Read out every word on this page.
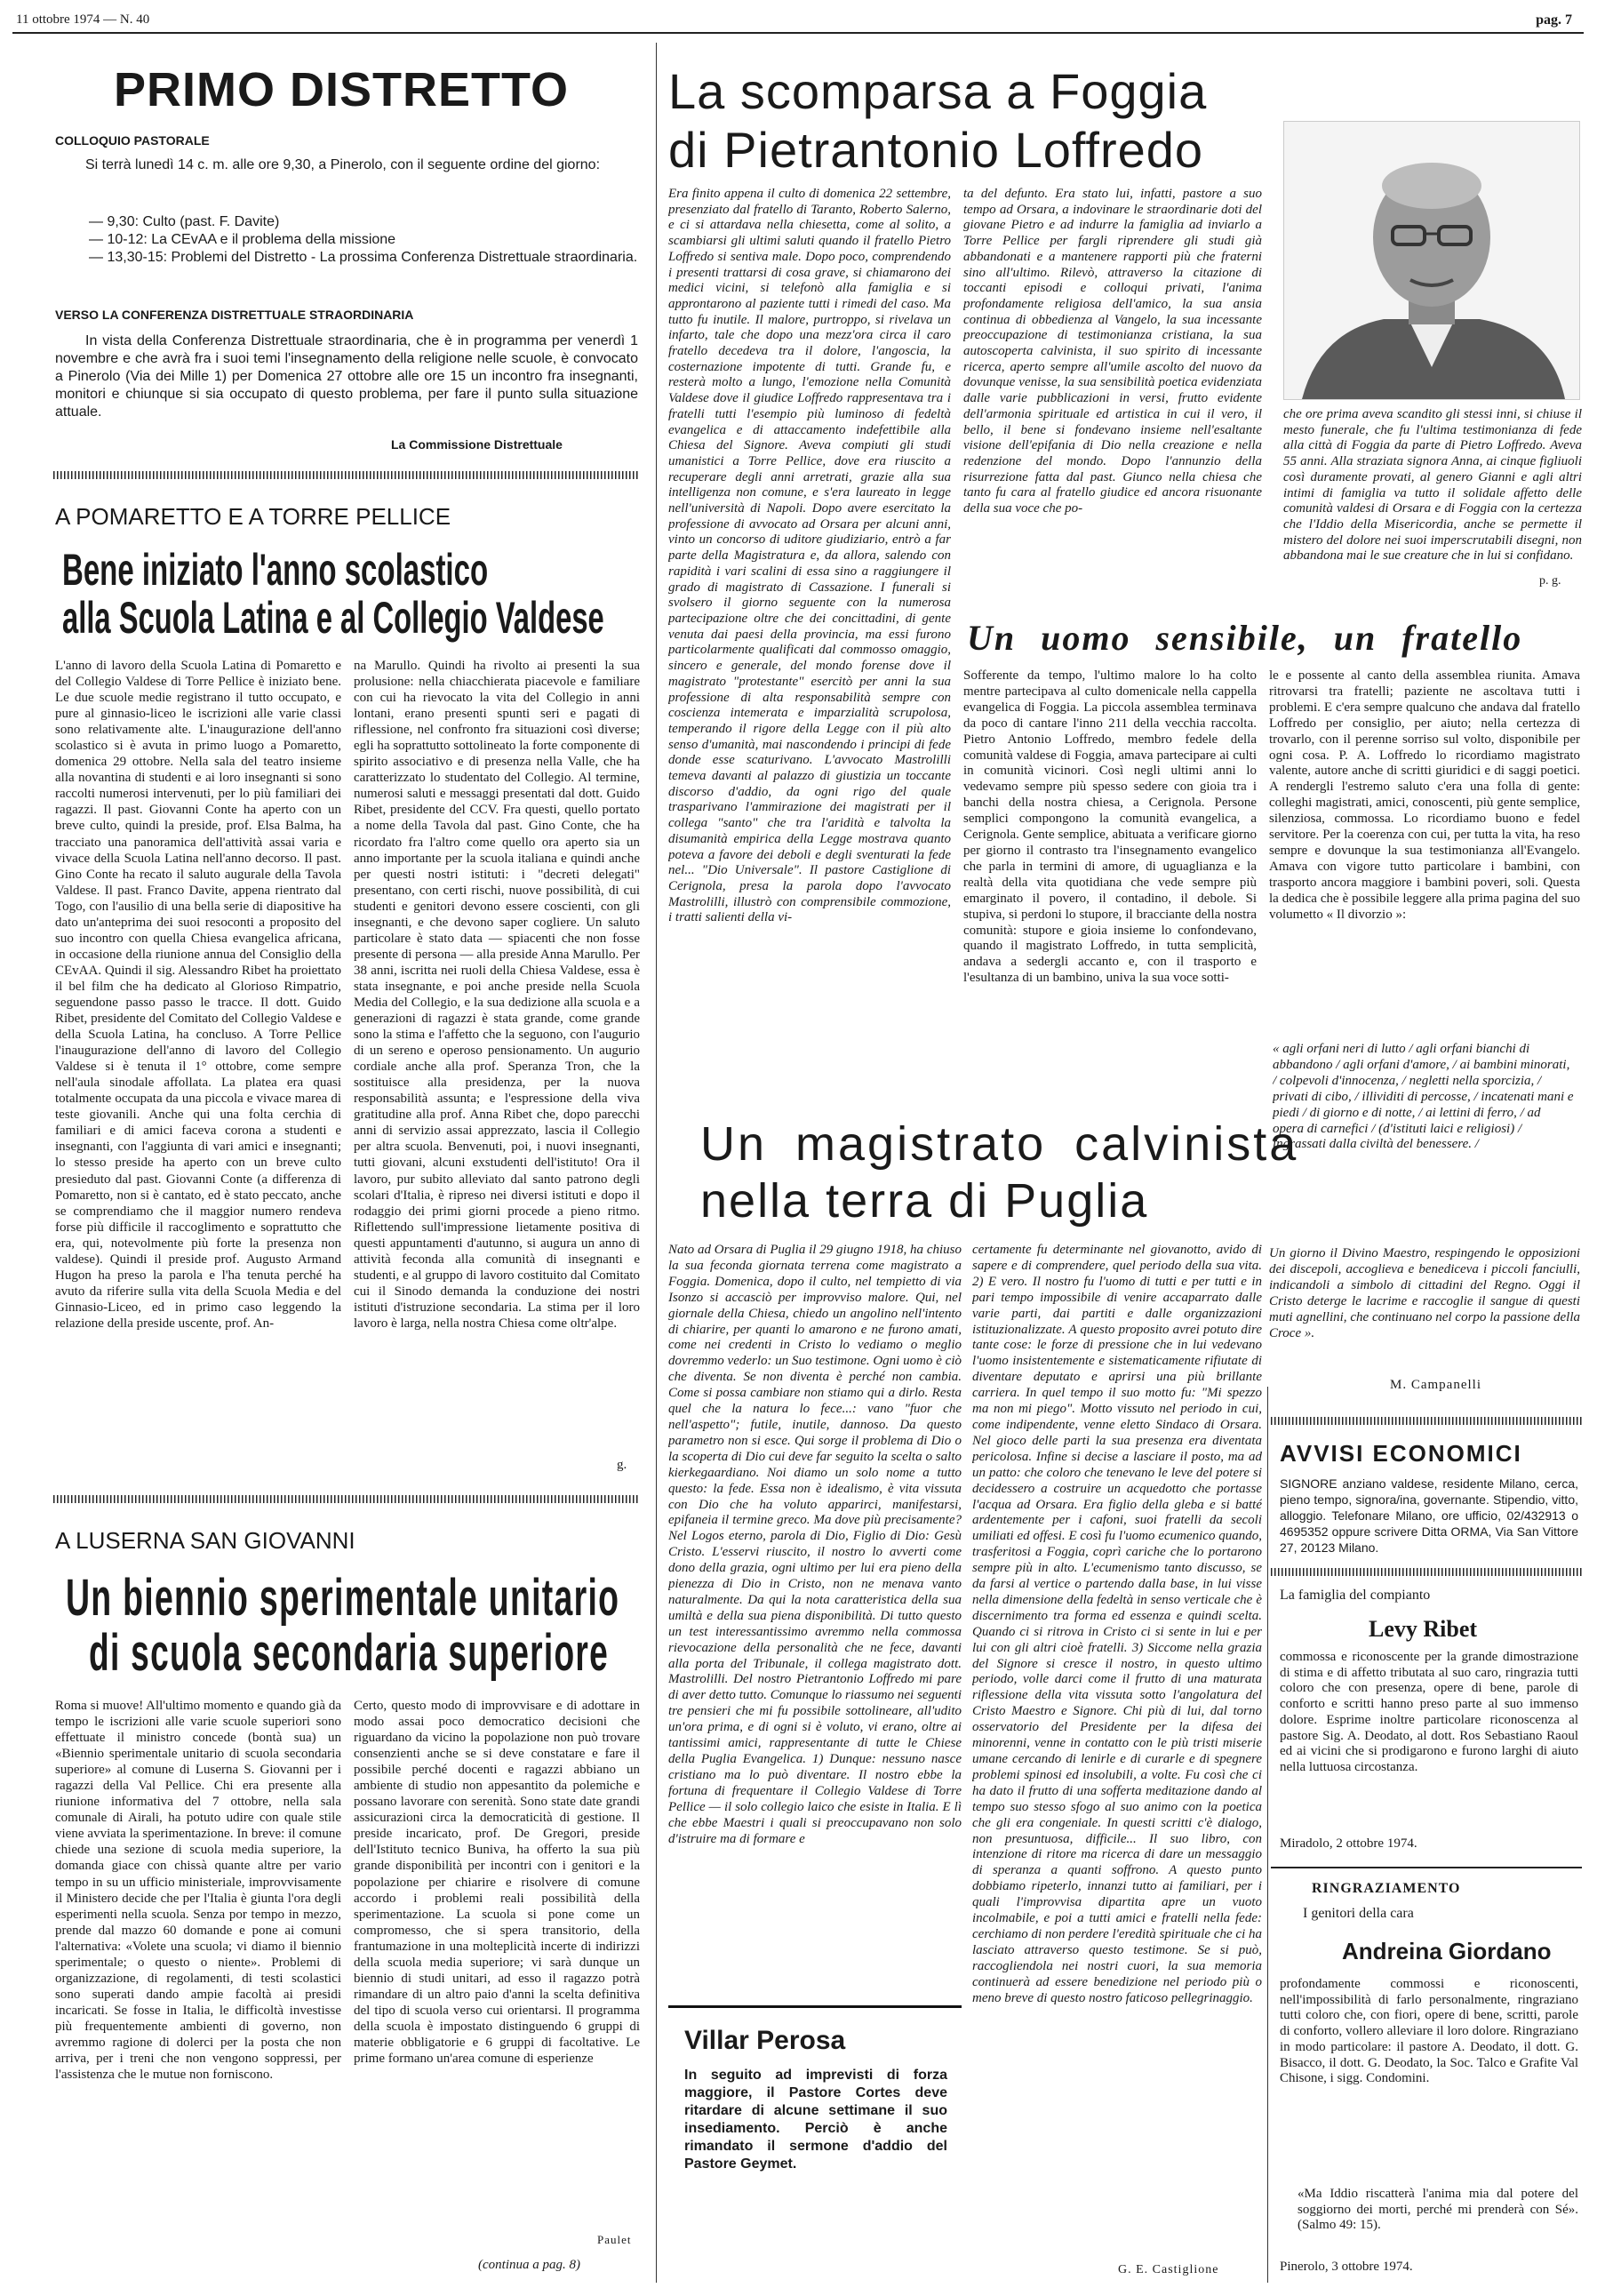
11 ottobre 1974 — N. 40	pag. 7
PRIMO DISTRETTO
COLLOQUIO PASTORALE
Si terrà lunedì 14 c. m. alle ore 9,30, a Pinerolo, con il seguente ordine del giorno:
— 9,30: Culto (past. F. Davite)
— 10-12: La CEvAA e il problema della missione
— 13,30-15: Problemi del Distretto - La prossima Conferenza Distrettuale straordinaria.
VERSO LA CONFERENZA DISTRETTUALE STRAORDINARIA
In vista della Conferenza Distrettuale straordinaria, che è in programma per venerdì 1 novembre e che avrà fra i suoi temi l'insegnamento della religione nelle scuole, è convocato a Pinerolo (Via dei Mille 1) per Domenica 27 ottobre alle ore 15 un incontro fra insegnanti, monitori e chiunque si sia occupato di questo problema, per fare il punto sulla situazione attuale.
La Commissione Distrettuale
A POMARETTO E A TORRE PELLICE
Bene iniziato l'anno scolastico
alla Scuola Latina e al Collegio Valdese
L'anno di lavoro della Scuola Latina di Pomaretto e del Collegio Valdese di Torre Pellice è iniziato bene. Le due scuole medie registrano il tutto occupato, e pure al ginnasio-liceo le iscrizioni alle varie classi sono relativamente alte. L'inaugurazione dell'anno scolastico si è avuta in primo luogo a Pomaretto, domenica 29 ottobre. Nella sala del teatro insieme alla novantina di studenti e ai loro insegnanti si sono raccolti numerosi intervenuti, per lo più familiari dei ragazzi. Il past. Giovanni Conte ha aperto con un breve culto, quindi la preside, prof. Elsa Balma, ha tracciato una panoramica dell'attività assai varia e vivace della Scuola Latina nell'anno decorso. Il past. Gino Conte ha recato il saluto augurale della Tavola Valdese. Il past. Franco Davite, appena rientrato dal Togo, con l'ausilio di una bella serie di diapositive ha dato un'anteprima dei suoi resoconti a proposito del suo incontro con quella Chiesa evangelica africana, in occasione della riunione annua del Consiglio della CEvAA. Quindi il sig. Alessandro Ribet ha proiettato il bel film che ha dedicato al Glorioso Rimpatrio, seguendone passo passo le tracce. Il dott. Guido Ribet, presidente del Comitato del Collegio Valdese e della Scuola Latina, ha concluso. A Torre Pellice l'inaugurazione dell'anno di lavoro del Collegio Valdese si è tenuta il 1° ottobre, come sempre nell'aula sinodale affollata. La platea era quasi totalmente occupata da una piccola e vivace marea di teste giovanili. Anche qui una folta cerchia di familiari e di amici faceva corona a studenti e insegnanti, con l'aggiunta di vari amici e insegnanti; lo stesso preside ha aperto con un breve culto presieduto dal past. Giovanni Conte (a differenza di Pomaretto, non si è cantato, ed è stato peccato, anche se comprendiamo che il maggior numero rendeva forse più difficile il raccoglimento e soprattutto che era, qui, notevolmente più forte la presenza non valdese). Quindi il preside prof. Augusto Armand Hugon ha preso la parola e l'ha tenuta perché ha avuto da riferire sulla vita della Scuola Media e del Ginnasio-Liceo, ed in primo caso leggendo la relazione della preside uscente, prof. An-
na Marullo. Quindi ha rivolto ai presenti la sua prolusione: nella chiacchierata piacevole e familiare con cui ha rievocato la vita del Collegio in anni lontani, erano presenti spunti seri e pagati di riflessione, nel confronto fra situazioni così diverse; egli ha soprattutto sottolineato la forte componente di spirito associativo e di presenza nella Valle, che ha caratterizzato lo studentato del Collegio. Al termine, numerosi saluti e messaggi presentati dal dott. Guido Ribet, presidente del CCV. Fra questi, quello portato a nome della Tavola dal past. Gino Conte, che ha ricordato fra l'altro come quello ora aperto sia un anno importante per la scuola italiana e quindi anche per questi nostri istituti: i "decreti delegati" presentano, con certi rischi, nuove possibilità, di cui studenti e genitori devono essere coscienti, con gli insegnanti, e che devono saper cogliere. Un saluto particolare è stato data — spiacenti che non fosse presente di persona — alla preside Anna Marullo. Per 38 anni, iscritta nei ruoli della Chiesa Valdese, essa è stata insegnante, e poi anche preside nella Scuola Media del Collegio, e la sua dedizione alla scuola e a generazioni di ragazzi è stata grande, come grande sono la stima e l'affetto che la seguono, con l'augurio di un sereno e operoso pensionamento. Un augurio cordiale anche alla prof. Speranza Tron, che la sostituisce alla presidenza, per la nuova responsabilità assunta; e l'espressione della viva gratitudine alla prof. Anna Ribet che, dopo parecchi anni di servizio assai apprezzato, lascia il Collegio per altra scuola. Benvenuti, poi, i nuovi insegnanti, tutti giovani, alcuni exstudenti dell'istituto! Ora il lavoro, pur subito alleviato dal santo patrono degli scolari d'Italia, è ripreso nei diversi istituti e dopo il rodaggio dei primi giorni procede a pieno ritmo. Riflettendo sull'impressione lietamente positiva di questi appuntamenti d'autunno, si augura un anno di attività feconda alla comunità di insegnanti e studenti, e al gruppo di lavoro costituito dal Comitato cui il Sinodo demanda la conduzione dei nostri istituti d'istruzione secondaria. La stima per il loro lavoro è larga, nella nostra Chiesa come oltr'alpe.
g.
A LUSERNA SAN GIOVANNI
Un biennio sperimentale unitario
di scuola secondaria superiore
Roma si muove! All'ultimo momento e quando già da tempo le iscrizioni alle varie scuole superiori sono effettuate il ministro concede (bontà sua) un «Biennio sperimentale unitario di scuola secondaria superiore» al comune di Luserna S. Giovanni per i ragazzi della Val Pellice. Chi era presente alla riunione informativa del 7 ottobre, nella sala comunale di Airali, ha potuto udire con quale stile viene avviata la sperimentazione. In breve: il comune chiede una sezione di scuola media superiore, la domanda giace con chissà quante altre per vario tempo in su un ufficio ministeriale, improvvisamente il Ministero decide che per l'Italia è giunta l'ora degli esperimenti nella scuola. Senza por tempo in mezzo, prende dal mazzo 60 domande e pone ai comuni l'alternativa: «Volete una scuola; vi diamo il biennio sperimentale; o questo o niente». Problemi di organizzazione, di regolamenti, di testi scolastici sono superati dando ampie facoltà ai presidi incaricati. Se fosse in Italia, le difficoltà investisse più frequentemente ambienti di governo, non avremmo ragione di dolerci per la posta che non arriva, per i treni che non vengono soppressi, per l'assistenza che le mutue non forniscono.
Certo, questo modo di improvvisare e di adottare in modo assai poco democratico decisioni che riguardano da vicino la popolazione non può trovare consenzienti anche se si deve constatare e fare il possibile perché docenti e ragazzi abbiano un ambiente di studio non appesantito da polemiche e possano lavorare con serenità. Sono state date grandi assicurazioni circa la democraticità di gestione. Il preside incaricato, prof. De Gregori, preside dell'Istituto tecnico Buniva, ha offerto la sua più grande disponibilità per incontri con i genitori e la popolazione per chiarire e risolvere di comune accordo i problemi reali possibilità della sperimentazione. La scuola si pone come un compromesso, che si spera transitorio, della frantumazione in una molteplicità incerte di indirizzi della scuola media superiore; vi sarà dunque un biennio di studi unitari, ad esso il ragazzo potrà rimandare di un altro paio d'anni la scelta definitiva del tipo di scuola verso cui orientarsi. Il programma della scuola è impostato distinguendo 6 gruppi di materie obbligatorie e 6 gruppi di facoltative. Le prime formano un'area comune di esperienze
Paulet
(continua a pag. 8)
La scomparsa a Foggia
di Pietrantonio Loffredo
Era finito appena il culto di domenica 22 settembre, presenziato dal fratello di Taranto, Roberto Salerno, e ci si attardava nella chiesetta, come al solito, a scambiarsi gli ultimi saluti quando il fratello Pietro Loffredo si sentiva male. Dopo poco, comprendendo i presenti trattarsi di cosa grave, si chiamarono dei medici vicini, si telefonò alla famiglia e si approntarono al paziente tutti i rimedi del caso. Ma tutto fu inutile. Il malore, purtroppo, si rivelava un infarto, tale che dopo una mezz'ora circa il caro fratello decedeva tra il dolore, l'angoscia, la costernazione impotente di tutti. Grande fu, e resterà molto a lungo, l'emozione nella Comunità Valdese dove il giudice Loffredo rappresentava tra i fratelli tutti l'esempio più luminoso di fedeltà evangelica e di attaccamento indefettibile alla Chiesa del Signore. Aveva compiuti gli studi umanistici a Torre Pellice, dove era riuscito a recuperare degli anni arretrati, grazie alla sua intelligenza non comune, e s'era laureato in legge nell'università di Napoli. Dopo avere esercitato la professione di avvocato ad Orsara per alcuni anni, vinto un concorso di uditore giudiziario, entrò a far parte della Magistratura e, da allora, salendo con rapidità i vari scalini di essa sino a raggiungere il grado di magistrato di Cassazione. I funerali si svolsero il giorno seguente con la numerosa partecipazione oltre che dei concittadini, di gente venuta dai paesi della provincia, ma essi furono particolarmente qualificati dal commosso omaggio, sincero e generale, del mondo forense dove il magistrato "protestante" esercitò per anni la sua professione di alta responsabilità sempre con coscienza intemerata e imparzialità scrupolosa, temperando il rigore della Legge con il più alto senso d'umanità, mai nascondendo i principi di fede donde esse scaturivano. L'avvocato Mastrolilli temeva davanti al palazzo di giustizia un toccante discorso d'addio, da ogni rigo del quale trasparivano l'ammirazione dei magistrati per il collega "santo" che tra l'aridità e talvolta la disumanità empirica della Legge mostrava quanto poteva a favore dei deboli e degli sventurati la fede nel... "Dio Universale". Il pastore Castiglione di Cerignola, presa la parola dopo l'avvocato Mastrolilli, illustrò con comprensibile commozione, i tratti salienti della vi-
ta del defunto. Era stato lui, infatti, pastore a suo tempo ad Orsara, a indovinare le straordinarie doti del giovane Pietro e ad indurre la famiglia ad inviarlo a Torre Pellice per fargli riprendere gli studi già abbandonati e a mantenere rapporti più che fraterni sino all'ultimo. Rilevò, attraverso la citazione di toccanti episodi e colloqui privati, l'anima profondamente religiosa dell'amico, la sua ansia continua di obbedienza al Vangelo, la sua incessante preoccupazione di testimonianza cristiana, la sua autoscoperta calvinista, il suo spirito di incessante ricerca, aperto sempre all'umile ascolto del nuovo da dovunque venisse, la sua sensibilità poetica evidenziata dalle varie pubblicazioni in versi, frutto evidente dell'armonia spirituale ed artistica in cui il vero, il bello, il bene si fondevano insieme nell'esaltante visione dell'epifania di Dio nella creazione e nella redenzione del mondo. Dopo l'annunzio della risurrezione fatta dal past. Giunco nella chiesa che tanto fu cara al fratello giudice ed ancora risuonante della sua voce che po-
che ore prima aveva scandito gli stessi inni, si chiuse il mesto funerale, che fu l'ultima testimonianza di fede alla città di Foggia da parte di Pietro Loffredo. Aveva 55 anni. Alla straziata signora Anna, ai cinque figliuoli così duramente provati, al genero Gianni e agli altri intimi di famiglia va tutto il solidale affetto delle comunità valdesi di Orsara e di Foggia con la certezza che l'Iddio della Misericordia, anche se permette il mistero del dolore nei suoi imperscrutabili disegni, non abbandona mai le sue creature che in lui si confidano.
p. g.
Un uomo sensibile, un fratello
Sofferente da tempo, l'ultimo malore lo ha colto mentre partecipava al culto domenicale nella cappella evangelica di Foggia. La piccola assemblea terminava da poco di cantare l'inno 211 della vecchia raccolta. Pietro Antonio Loffredo, membro fedele della comunità valdese di Foggia, amava partecipare ai culti in comunità vicinori. Così negli ultimi anni lo vedevamo sempre più spesso sedere con gioia tra i banchi della nostra chiesa, a Cerignola. Persone semplici compongono la comunità evangelica, a Cerignola. Gente semplice, abituata a verificare giorno per giorno il contrasto tra l'insegnamento evangelico che parla in termini di amore, di uguaglianza e la realtà della vita quotidiana che vede sempre più emarginato il povero, il contadino, il debole. Si stupiva, si perdoni lo stupore, il bracciante della nostra comunità: stupore e gioia insieme lo confondevano, quando il magistrato Loffredo, in tutta semplicità, andava a sedergli accanto e, con il trasporto e l'esultanza di un bambino, univa la sua voce sotti-
le e possente al canto della assemblea riunita. Amava ritrovarsi tra fratelli; paziente ne ascoltava tutti i problemi. E c'era sempre qualcuno che andava dal fratello Loffredo per consiglio, per aiuto; nella certezza di trovarlo, con il perenne sorriso sul volto, disponibile per ogni cosa. P. A. Loffredo lo ricordiamo magistrato valente, autore anche di scritti giuridici e di saggi poetici. A rendergli l'estremo saluto c'era una folla di gente: colleghi magistrati, amici, conoscenti, più gente semplice, silenziosa, commossa. Lo ricordiamo buono e fedel servitore. Per la coerenza con cui, per tutta la vita, ha reso sempre e dovunque la sua testimonianza all'Evangelo. Amava con vigore tutto particolare i bambini, con trasporto ancora maggiore i bambini poveri, soli. Questa la dedica che è possibile leggere alla prima pagina del suo volumetto « Il divorzio »:
« agli orfani neri di lutto / agli orfani bianchi di abbandono / agli orfani d'amore, / ai bambini minorati, / colpevoli d'innocenza, / negletti nella sporcizia, / privati di cibo, / illividiti di percosse, / incatenati mani e piedi / di giorno e di notte, / ai lettini di ferro, / ad opera di carnefici / (d'istituti laici e religiosi) / ingrassati dalla civiltà del benessere. /
Un giorno il Divino Maestro, respingendo le opposizioni dei discepoli, accoglieva e benediceva i piccoli fanciulli, indicandoli a simbolo di cittadini del Regno. Oggi il Cristo deterge le lacrime e raccoglie il sangue di questi muti agnellini, che continuano nel corpo la passione della Croce ».
M. Campanelli
Un magistrato calvinista
nella terra di Puglia
Nato ad Orsara di Puglia il 29 giugno 1918, ha chiuso la sua feconda giornata terrena come magistrato a Foggia. Domenica, dopo il culto, nel tempietto di via Isonzo si accasciò per improvviso malore. Qui, nel giornale della Chiesa, chiedo un angolino nell'intento di chiarire, per quanti lo amarono e ne furono amati, come nei credenti in Cristo lo vediamo o meglio dovremmo vederlo: un Suo testimone. Ogni uomo è ciò che diventa. Se non diventa è perché non cambia. Come si possa cambiare non stiamo qui a dirlo. Resta quel che la natura lo fece...: vano "fuor che nell'aspetto"; futile, inutile, dannoso. Da questo parametro non si esce. Qui sorge il problema di Dio o la scoperta di Dio cui deve far seguito la scelta o salto kierkegaardiano. Noi diamo un solo nome a tutto questo: la fede. Essa non è idealismo, è vita vissuta con Dio che ha voluto apparirci, manifestarsi, epifaneia il termine greco. Ma dove più precisamente? Nel Logos eterno, parola di Dio, Figlio di Dio: Gesù Cristo. L'esservi riuscito, il nostro lo avverti come dono della grazia, ogni ultimo per lui era pieno della pienezza di Dio in Cristo, non ne menava vanto naturalmente. Da qui la nota caratteristica della sua umiltà e della sua piena disponibilità. Di tutto questo un test interessantissimo avremmo nella commossa rievocazione della personalità che ne fece, davanti alla porta del Tribunale, il collega magistrato dott. Mastrolilli. Del nostro Pietrantonio Loffredo mi pare di aver detto tutto. Comunque lo riassumo nei seguenti tre pensieri che mi fu possibile sottolineare, all'udito un'ora prima, e di ogni si è voluto, vi erano, oltre ai tantissimi amici, rappresentante di tutte le Chiese della Puglia Evangelica. 1) Dunque: nessuno nasce cristiano ma lo può diventare. Il nostro ebbe la fortuna di frequentare il Collegio Valdese di Torre Pellice — il solo collegio laico che esiste in Italia. E lì che ebbe Maestri i quali si preoccupavano non solo d'istruire ma di formare e
certamente fu determinante nel giovanotto, avido di sapere e di comprendere, quel periodo della sua vita. 2) E vero. Il nostro fu l'uomo di tutti e per tutti e in pari tempo impossibile di venire accaparrato dalle varie parti, dai partiti e dalle organizzazioni istituzionalizzate. A questo proposito avrei potuto dire tante cose: le forze di pressione che in lui vedevano l'uomo insistentemente e sistematicamente rifiutate di diventare deputato e aprirsi una più brillante carriera. In quel tempo il suo motto fu: "Mi spezzo ma non mi piego". Motto vissuto nel periodo in cui, come indipendente, venne eletto Sindaco di Orsara. Nel gioco delle parti la sua presenza era diventata pericolosa. Infine si decise a lasciare il posto, ma ad un patto: che coloro che tenevano le leve del potere si decidessero a costruire un acquedotto che portasse l'acqua ad Orsara. Era figlio della gleba e si batté ardentemente per i cafoni, suoi fratelli da secoli umiliati ed offesi. E così fu l'uomo ecumenico quando, trasferitosi a Foggia, coprì cariche che lo portarono sempre più in alto. L'ecumenismo tanto discusso, se da farsi al vertice o partendo dalla base, in lui visse nella dimensione della fedeltà in senso verticale che è discernimento tra forma ed essenza e quindi scelta. Quando ci si ritrova in Cristo ci si sente in lui e per lui con gli altri cioè fratelli. 3) Siccome nella grazia del Signore si cresce il nostro, in questo ultimo periodo, volle darci come il frutto di una maturata riflessione della vita vissuta sotto l'angolatura del Cristo Maestro e Signore. Chi più di lui, dal torno osservatorio del Presidente per la difesa dei minorenni, venne in contatto con le più tristi miserie umane cercando di lenirle e di curarle e di spegnere problemi spinosi ed insolubili, a volte. Fu così che ci ha dato il frutto di una sofferta meditazione dando al tempo suo stesso sfogo al suo animo con la poetica che gli era congeniale. In questi scritti c'è dialogo, non presuntuosa, difficile... Il suo libro, con intenzione di ritore ma ricerca di dare un messaggio di speranza a quanti soffrono. A questo punto dobbiamo ripeterlo, innanzi tutto ai familiari, per i quali l'improvvisa dipartita apre un vuoto incolmabile, e poi a tutti amici e fratelli nella fede: cerchiamo di non perdere l'eredità spirituale che ci ha lasciato attraverso questo testimone. Se si può, raccogliendola nei nostri cuori, la sua memoria continuerà ad essere benedizione nel periodo più o meno breve di questo nostro faticoso pellegrinaggio.
G. E. Castiglione
Villar Perosa
In seguito ad imprevisti di forza maggiore, il Pastore Cortes deve ritardare di alcune settimane il suo insediamento. Perciò è anche rimandato il sermone d'addio del Pastore Geymet.
AVVISI ECONOMICI
SIGNORE anziano valdese, residente Milano, cerca, pieno tempo, signora/ina, governante. Stipendio, vitto, alloggio. Telefonare Milano, ore ufficio, 02/432913 o 4695352 oppure scrivere Ditta ORMA, Via San Vittore 27, 20123 Milano.
La famiglia del compianto
Levy Ribet
commossa e riconoscente per la grande dimostrazione di stima e di affetto tributata al suo caro, ringrazia tutti coloro che con presenza, opere di bene, parole di conforto e scritti hanno preso parte al suo immenso dolore. Esprime inoltre particolare riconoscenza al pastore Sig. A. Deodato, al dott. Ros Sebastiano Raoul ed ai vicini che si prodigarono e furono larghi di aiuto nella luttuosa circostanza.
Miradolo, 2 ottobre 1974.
RINGRAZIAMENTO
I genitori della cara
Andreina Giordano
profondamente commossi e riconoscenti, nell'impossibilità di farlo personalmente, ringraziano tutti coloro che, con fiori, opere di bene, scritti, parole di conforto, vollero alleviare il loro dolore. Ringraziano in modo particolare: il pastore A. Deodato, il dott. G. Bisacco, il dott. G. Deodato, la Soc. Talco e Grafite Val Chisone, i sigg. Condomini.
«Ma Iddio riscatterà l'anima mia dal potere del soggiorno dei morti, perché mi prenderà con Sé». (Salmo 49: 15).
Pinerolo, 3 ottobre 1974.
